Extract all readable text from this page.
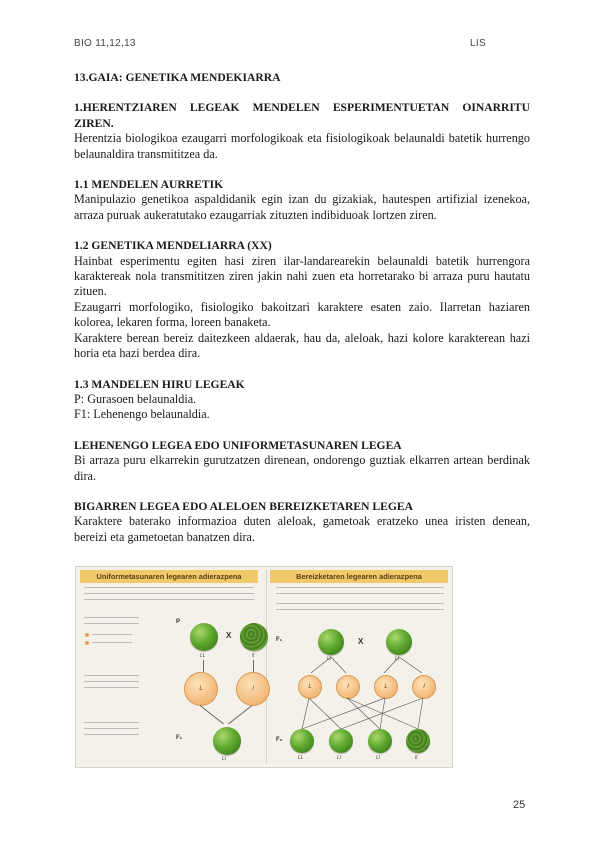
BIO 11,12,13	LIS

13.GAIA: GENETIKA MENDEKIARRA

1.HERENTZIAREN LEGEAK MENDELEN ESPERIMENTUETAN OINARRITU ZIREN.

Herentzia biologikoa ezaugarri morfologikoak eta fisiologikoak belaunaldi batetik hurrengo belaunaldira transmititzea da.

1.1 MENDELEN AURRETIK

Manipulazio genetikoa aspaldidanik egin izan du gizakiak, hautespen artifizial izenekoa, arraza puruak aukeratutako ezaugarriak zituzten indibiduoak lortzen ziren.

1.2 GENETIKA MENDELIARRA (XX)

Hainbat esperimentu egiten hasi ziren ilar-landarearekin belaunaldi batetik hurrengora karaktereak nola transmititzen ziren jakin nahi zuen eta horretarako bi arraza puru hautatu zituen.

Ezaugarri morfologiko, fisiologiko bakoitzari karaktere esaten zaio. Ilarretan haziaren kolorea, lekaren forma, loreen banaketa.

Karaktere berean bereiz daitezkeen aldaerak, hau da, aleloak, hazi kolore karakterean hazi horia eta hazi berdea dira.

1.3 MANDELEN HIRU LEGEAK

P: Gurasoen belaunaldia.

F1: Lehenengo belaunaldia.

LEHENENGO LEGEA EDO UNIFORMETASUNAREN LEGEA

Bi arraza puru elkarrekin gurutzatzen direnean, ondorengo guztiak elkarren artean berdinak dira.

BIGARREN LEGEA EDO ALELOEN BEREIZKETAREN LEGEA

Karaktere baterako informazioa duten aleloak, gametoak eratzeko unea iristen denean, bereizi eta gametoetan banatzen dira.

Uniformetasunaren legearen adierazpena
P
X
LL	ll
L	l
F₁
Ll
Bereizketaren legearen adierazpena
F₁	X
Ll	Ll
L	l	L	l
F₂
LL	Ll	Ll	ll
25
